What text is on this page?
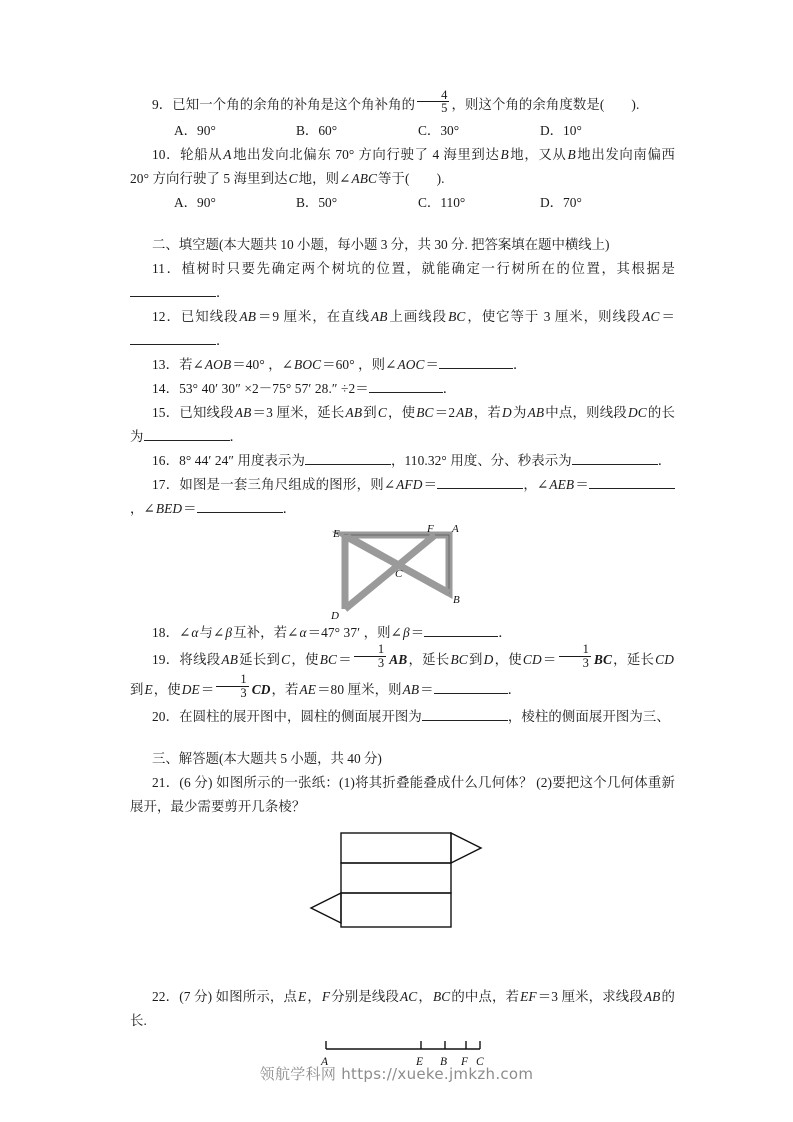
9．已知一个角的余角的补角是这个角补角的 $\frac{4}{5}$ ，则这个角的余角度数是(　　).

A．90°	B．60°	C．30°	D．10°

10．轮船从A地出发向北偏东 70° 方向行驶了 4 海里到达B地，又从B地出发向南偏西 20° 方向行驶了 5 海里到达C地，则∠ABC等于(　　).

A．90°	B．50°	C．110°	D．70°

二、填空题(本大题共 10 小题，每小题 3 分，共 30 分. 把答案填在题中横线上)

11．植树时只要先确定两个树坑的位置，就能确定一行树所在的位置，其根据是．

12．已知线段AB＝9 厘米，在直线AB上画线段BC，使它等于 3 厘米，则线段AC＝．

13．若∠AOB＝40° ，∠BOC＝60° ，则∠AOC＝	．

14．53° 40′ 30″ ×2－75° 57′ 28.″ ÷2＝	．

15．已知线段AB＝3 厘米，延长AB到C，使BC＝2AB，若D为AB中点，则线段DC的长为	．

16．8° 44′ 24″ 用度表示为	，110.32° 用度、分、秒表示为	．

17．如图是一套三角尺组成的图形，则∠AFD＝	，∠AEB＝，∠BED＝	．

E	F A
C
B
D

18．∠α与∠β互补，若∠α＝47° 37′ ，则∠β＝	．

19．将线段AB延长到C，使$BC= \frac{1}{3}$ AB，延长BC到D，使$CD= \frac{1}{3}$ BC，延长CD到E，使$DE= \frac{1}{3}$ CD，若AE＝80 厘米，则AB＝	．

20．在圆柱的展开图中，圆柱的侧面展开图为	，棱柱的侧面展开图为三、

三、解答题(本大题共 5 小题，共 40 分)

21．(6 分) 如图所示的一张纸：(1)将其折叠能叠成什么几何体？ (2)要把这个几何体重新展开，最少需要剪开几条棱？

22．(7 分) 如图所示，点E，F分别是线段AC，BC的中点，若EF＝3 厘米，求线段AB的长.

A	E B F C
领航学科网 https://xueke.jmkzh.com
